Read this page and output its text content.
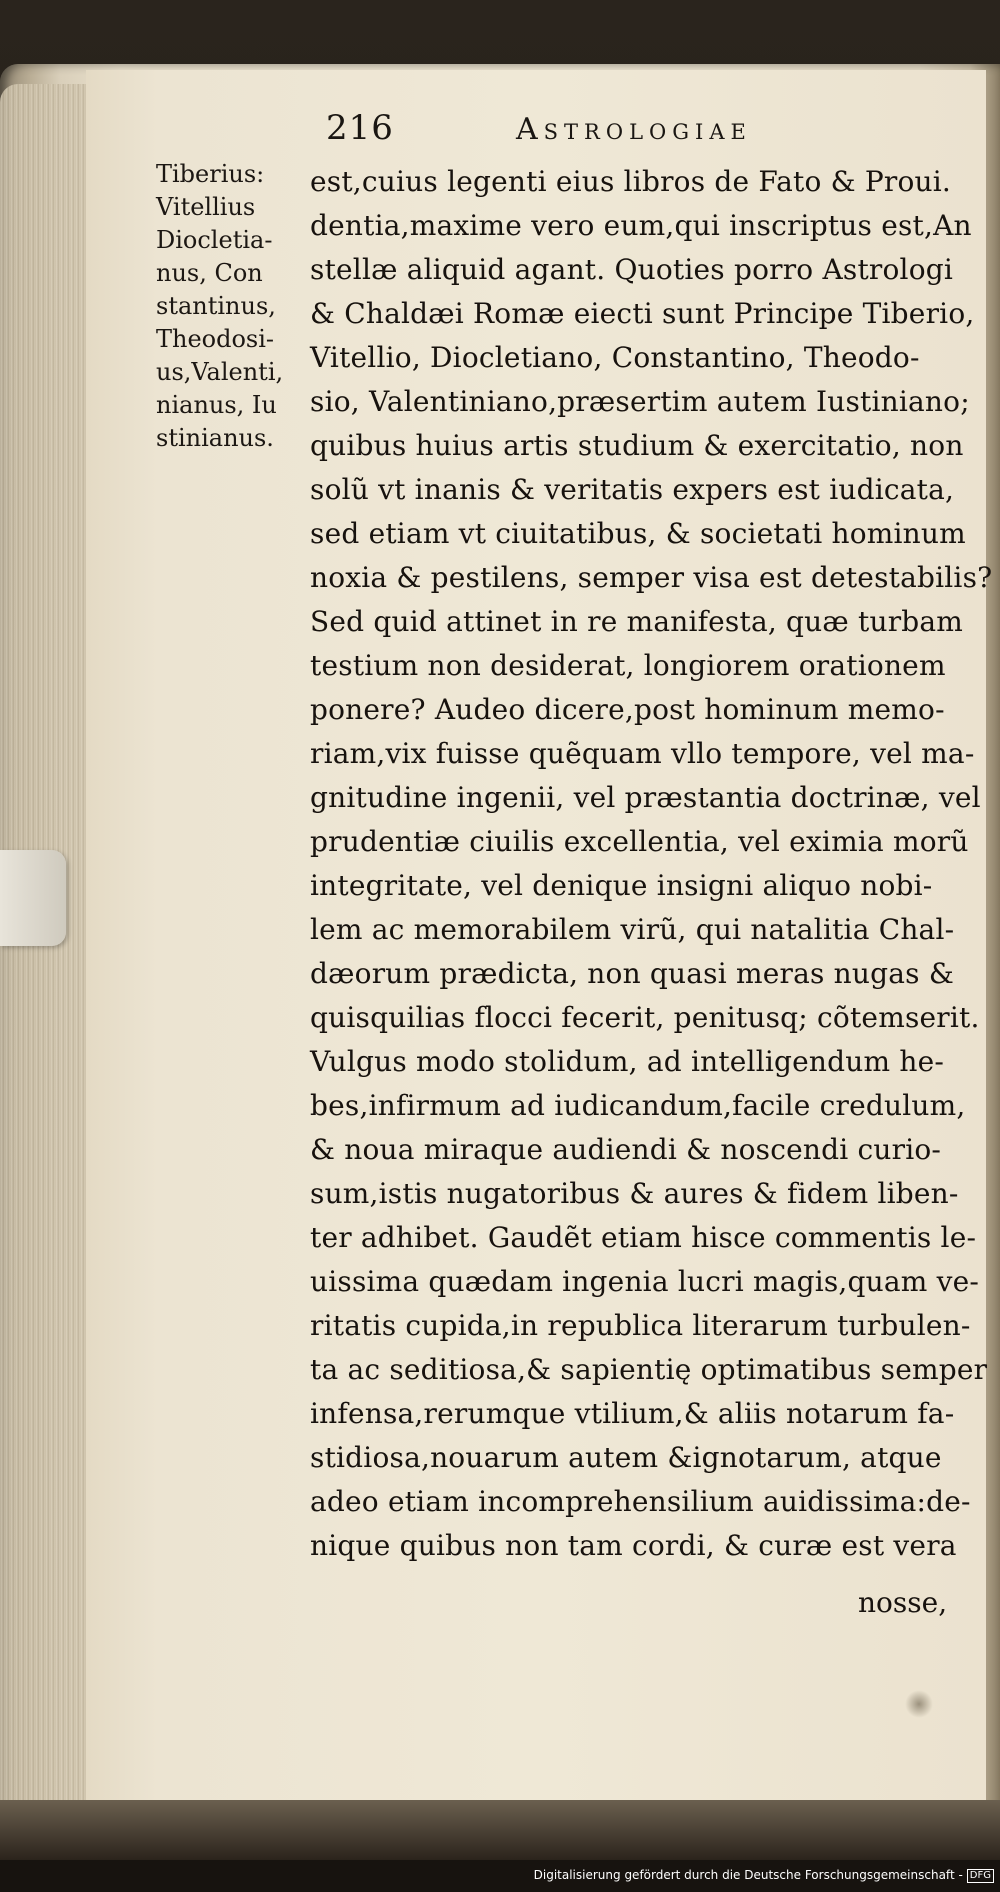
216	Astrologiae
Tiberius:
Vitellius
Diocletia-
nus, Con
stantinus,
Theodosi-
us,Valenti,
nianus, Iu
stinianus.
est,cuius legenti eius libros de Fato & Proui.
dentia,maxime vero eum,qui inscriptus est,An
stellæ aliquid agant. Quoties porro Astrologi
& Chaldæi Romæ eiecti sunt Principe Tiberio,
Vitellio, Diocletiano, Constantino, Theodo-
sio, Valentiniano,præsertim autem Iustiniano;
quibus huius artis studium & exercitatio, non
solũ vt inanis & veritatis expers est iudicata,
sed etiam vt ciuitatibus, & societati hominum
noxia & pestilens, semper visa est detestabilis?
Sed quid attinet in re manifesta, quæ turbam
testium non desiderat, longiorem orationem
ponere? Audeo dicere,post hominum memo-
riam,vix fuisse quẽquam vllo tempore, vel ma-
gnitudine ingenii, vel præstantia doctrinæ, vel
prudentiæ ciuilis excellentia, vel eximia morũ
integritate, vel denique insigni aliquo nobi-
lem ac memorabilem virũ, qui natalitia Chal-
dæorum prædicta, non quasi meras nugas &
quisquilias flocci fecerit, penitusq; cõtemserit.
Vulgus modo stolidum, ad intelligendum he-
bes,infirmum ad iudicandum,facile credulum,
& noua miraque audiendi & noscendi curio-
sum,istis nugatoribus & aures & fidem liben-
ter adhibet. Gaudẽt etiam hisce commentis le-
uissima quædam ingenia lucri magis,quam ve-
ritatis cupida,in republica literarum turbulen-
ta ac seditiosa,& sapientię optimatibus semper
infensa,rerumque vtilium,& aliis notarum fa-
stidiosa,nouarum autem &ignotarum, atque
adeo etiam incomprehensilium auidissima:de-
nique quibus non tam cordi, & curæ est vera
nosse,
Digitalisierung gefördert durch die Deutsche Forschungsgemeinschaft - DFG
